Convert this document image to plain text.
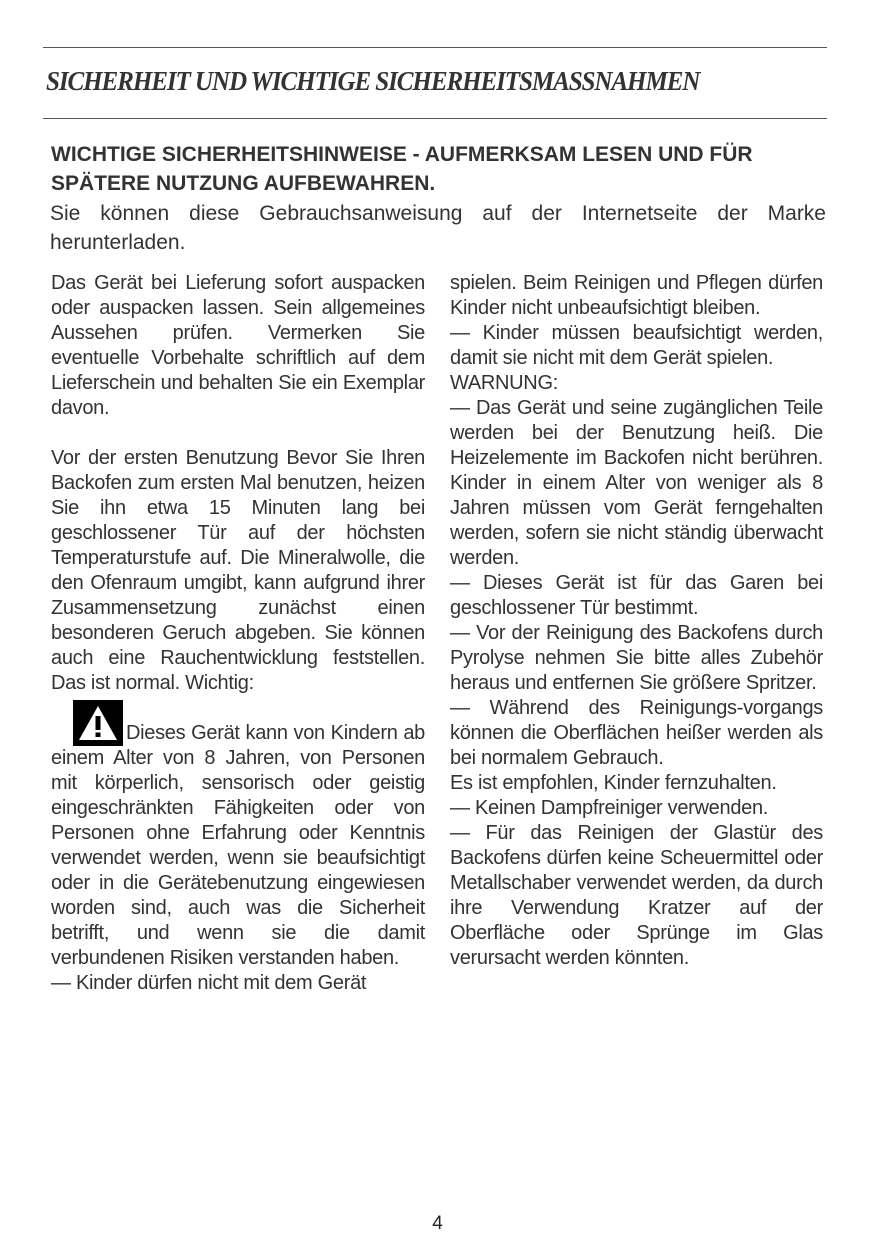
SICHERHEIT UND WICHTIGE SICHERHEITSMASSNAHMEN
WICHTIGE SICHERHEITSHINWEISE - AUFMERKSAM LESEN UND FÜR SPÄTERE NUTZUNG AUFBEWAHREN.

Sie können diese Gebrauchsanweisung auf der Internetseite der Marke herunterladen.

Das Gerät bei Lieferung sofort auspacken oder auspacken lassen. Sein allgemeines Aussehen prüfen. Vermerken Sie eventuelle Vorbehalte schriftlich auf dem Lieferschein und behalten Sie ein Exemplar davon.

Vor der ersten Benutzung Bevor Sie Ihren Backofen zum ersten Mal benutzen, heizen Sie ihn etwa 15 Minuten lang bei geschlossener Tür auf der höchsten Temperaturstufe auf. Die Mineralwolle, die den Ofenraum umgibt, kann aufgrund ihrer Zusammensetzung zunächst einen besonderen Geruch abgeben. Sie können auch eine Rauchentwicklung feststellen. Das ist normal. Wichtig:

Dieses Gerät kann von Kindern ab einem Alter von 8 Jahren, von Personen mit körperlich, sensorisch oder geistig eingeschränkten Fähigkeiten oder von Personen ohne Erfahrung oder Kenntnis verwendet werden, wenn sie beaufsichtigt oder in die Gerätebenutzung eingewiesen worden sind, auch was die Sicherheit betrifft, und wenn sie die damit verbundenen Risiken verstanden haben.

— Kinder dürfen nicht mit dem Gerät

spielen. Beim Reinigen und Pflegen dürfen Kinder nicht unbeaufsichtigt bleiben.

— Kinder müssen beaufsichtigt werden, damit sie nicht mit dem Gerät spielen.

WARNUNG:

— Das Gerät und seine zugänglichen Teile werden bei der Benutzung heiß. Die Heizelemente im Backofen nicht berühren. Kinder in einem Alter von weniger als 8 Jahren müssen vom Gerät ferngehalten werden, sofern sie nicht ständig überwacht werden.

— Dieses Gerät ist für das Garen bei geschlossener Tür bestimmt.

— Vor der Reinigung des Backofens durch Pyrolyse nehmen Sie bitte alles Zubehör heraus und entfernen Sie größere Spritzer.

— Während des Reinigungs-vorgangs können die Oberflächen heißer werden als bei normalem Gebrauch.

Es ist empfohlen, Kinder fernzuhalten.

— Keinen Dampfreiniger verwenden.

— Für das Reinigen der Glastür des Backofens dürfen keine Scheuermittel oder Metallschaber verwendet werden, da durch ihre Verwendung Kratzer auf der Oberfläche oder Sprünge im Glas verursacht werden könnten.

4
